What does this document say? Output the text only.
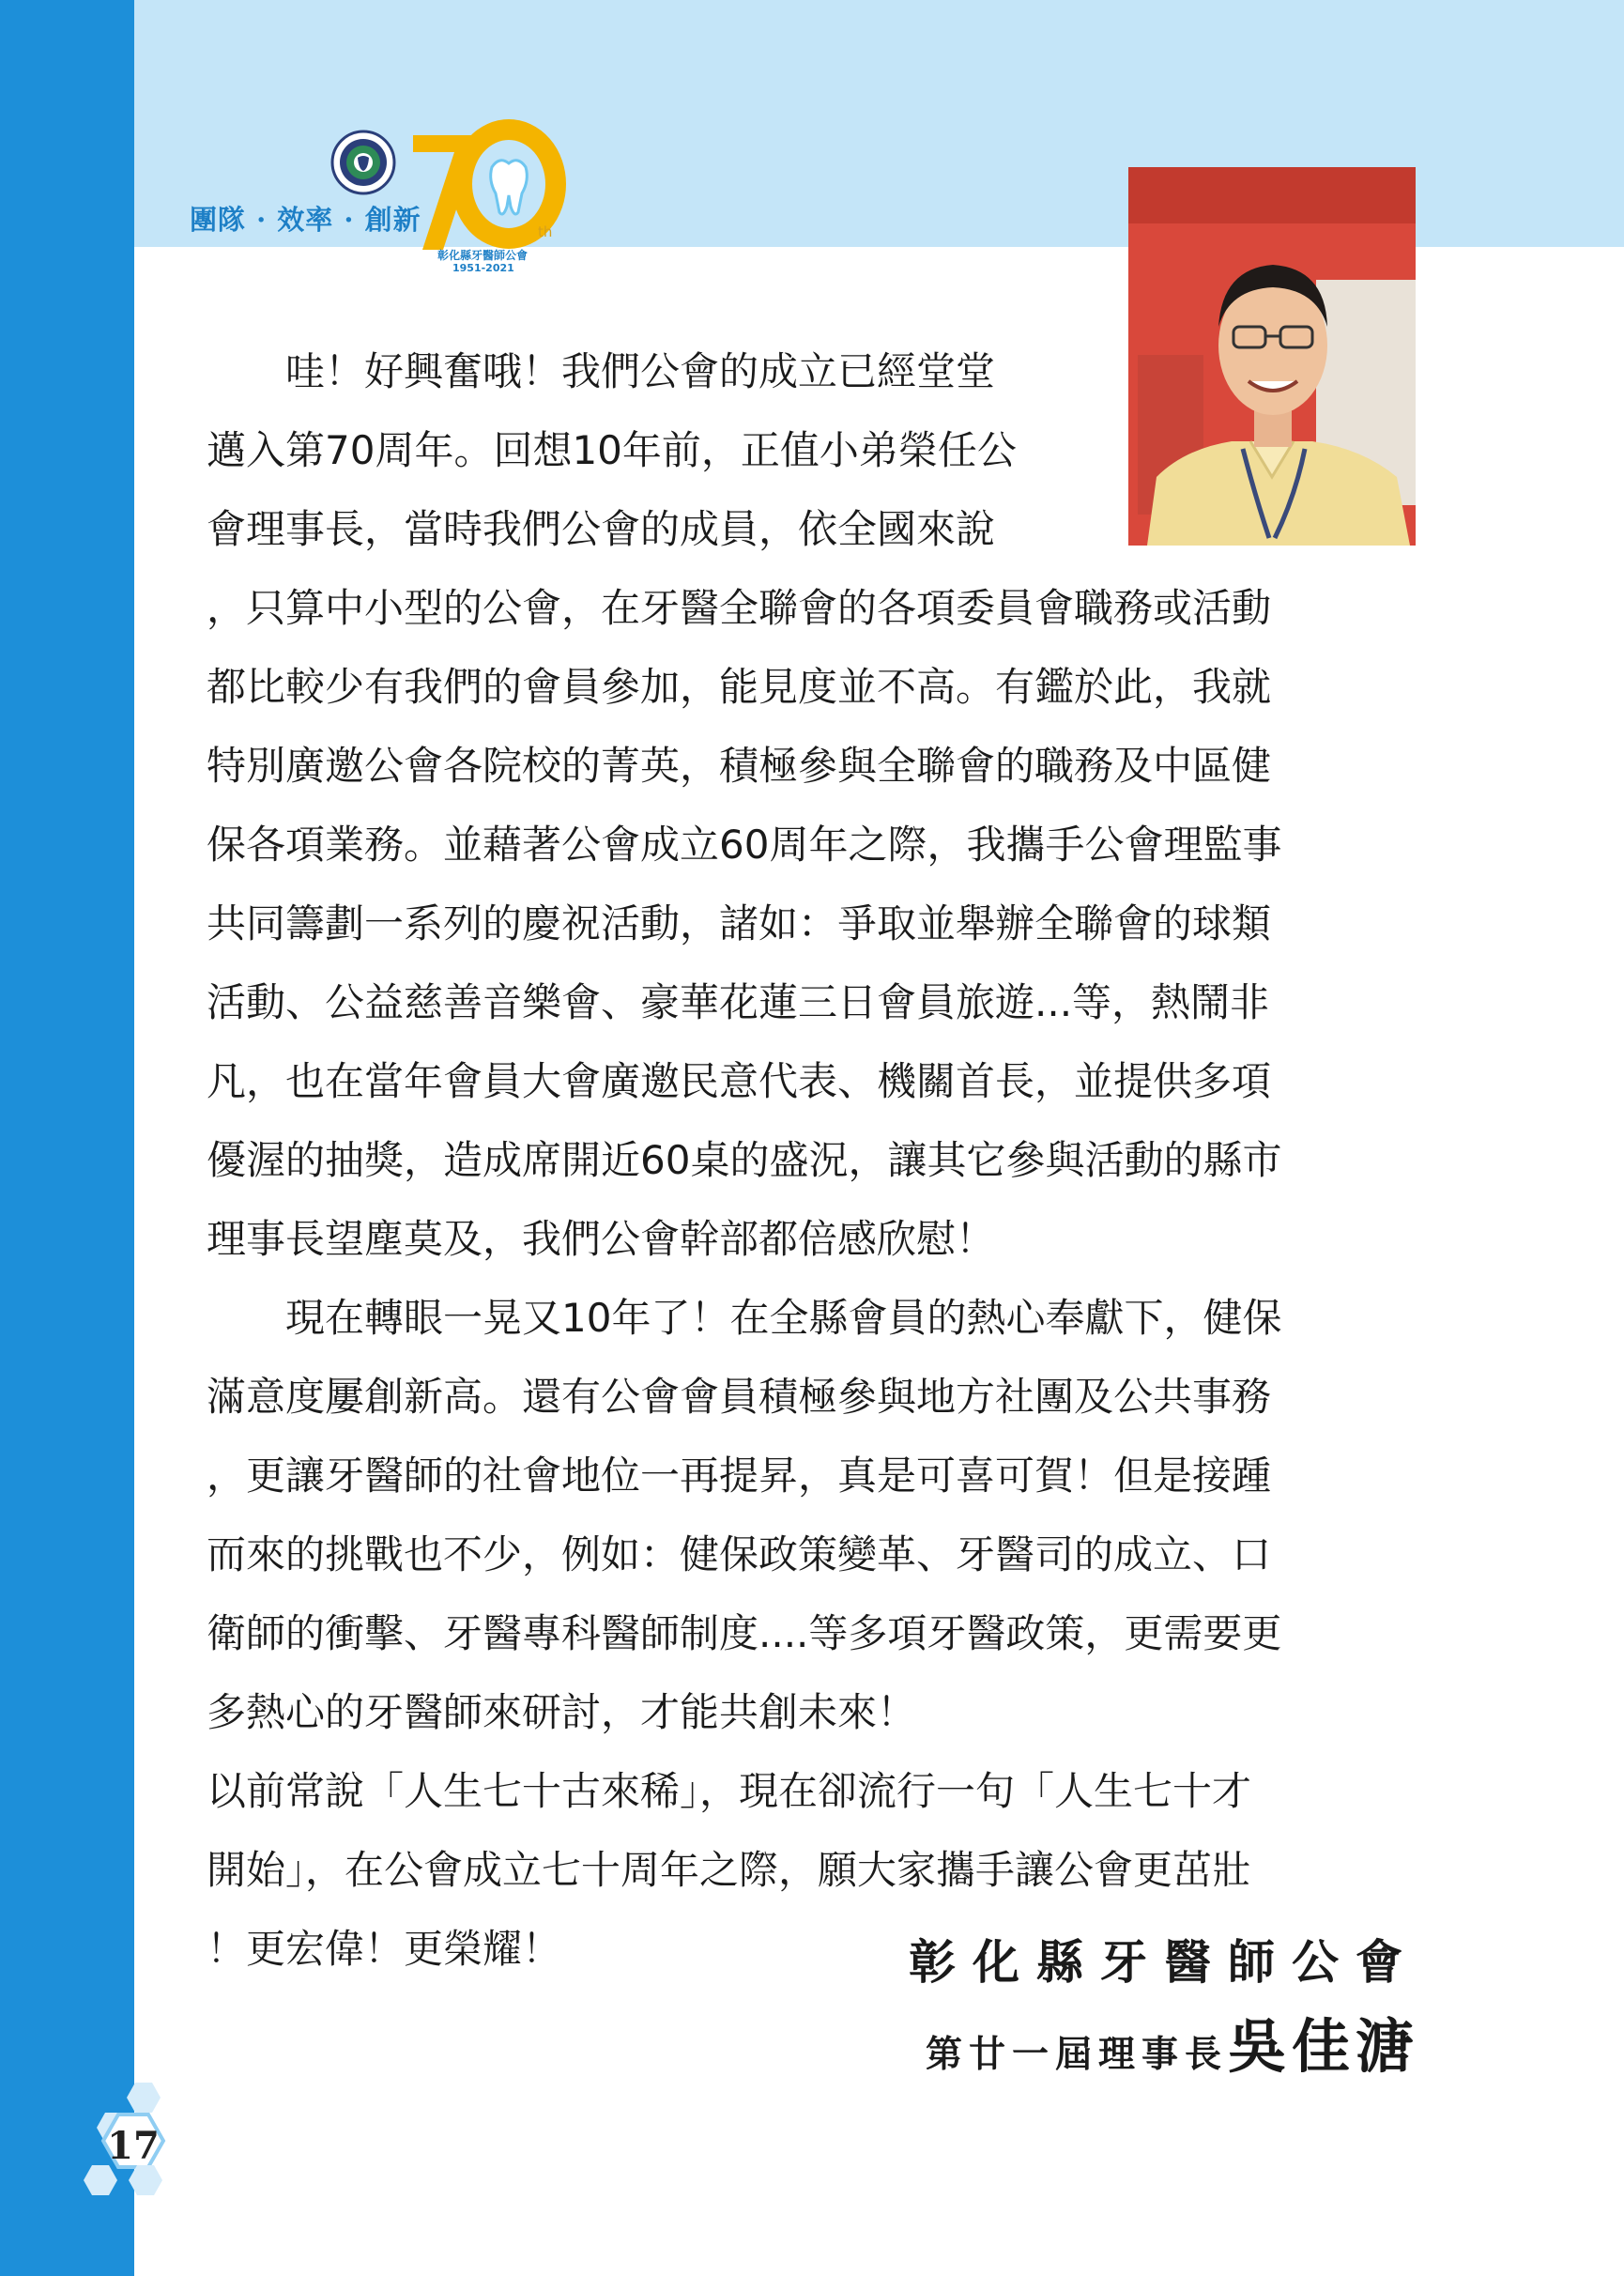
團隊 · 效率 · 創新	th
彰化縣牙醫師公會
1951-2021
　　哇！好興奮哦！我們公會的成立已經堂堂
邁入第70周年。回想10年前，正值小弟榮任公
會理事長，當時我們公會的成員，依全國來說
，只算中小型的公會，在牙醫全聯會的各項委員會職務或活動
都比較少有我們的會員參加，能見度並不高。有鑑於此，我就
特別廣邀公會各院校的菁英，積極參與全聯會的職務及中區健
保各項業務。並藉著公會成立60周年之際，我攜手公會理監事
共同籌劃一系列的慶祝活動，諸如：爭取並舉辦全聯會的球類
活動、公益慈善音樂會、豪華花蓮三日會員旅遊...等，熱鬧非
凡，也在當年會員大會廣邀民意代表、機關首長，並提供多項
優渥的抽獎，造成席開近60桌的盛況，讓其它參與活動的縣市
理事長望塵莫及，我們公會幹部都倍感欣慰！
　　現在轉眼一晃又10年了！在全縣會員的熱心奉獻下，健保
滿意度屢創新高。還有公會會員積極參與地方社團及公共事務
，更讓牙醫師的社會地位一再提昇，真是可喜可賀！但是接踵
而來的挑戰也不少，例如：健保政策變革、牙醫司的成立、口
衛師的衝擊、牙醫專科醫師制度....等多項牙醫政策，更需要更
多熱心的牙醫師來研討，才能共創未來！
以前常說「人生七十古來稀」，現在卻流行一句「人生七十才
開始」，在公會成立七十周年之際，願大家攜手讓公會更茁壯
！更宏偉！更榮耀！	彰化縣牙醫師公會
第廿一屆理事長吳佳溏
17
